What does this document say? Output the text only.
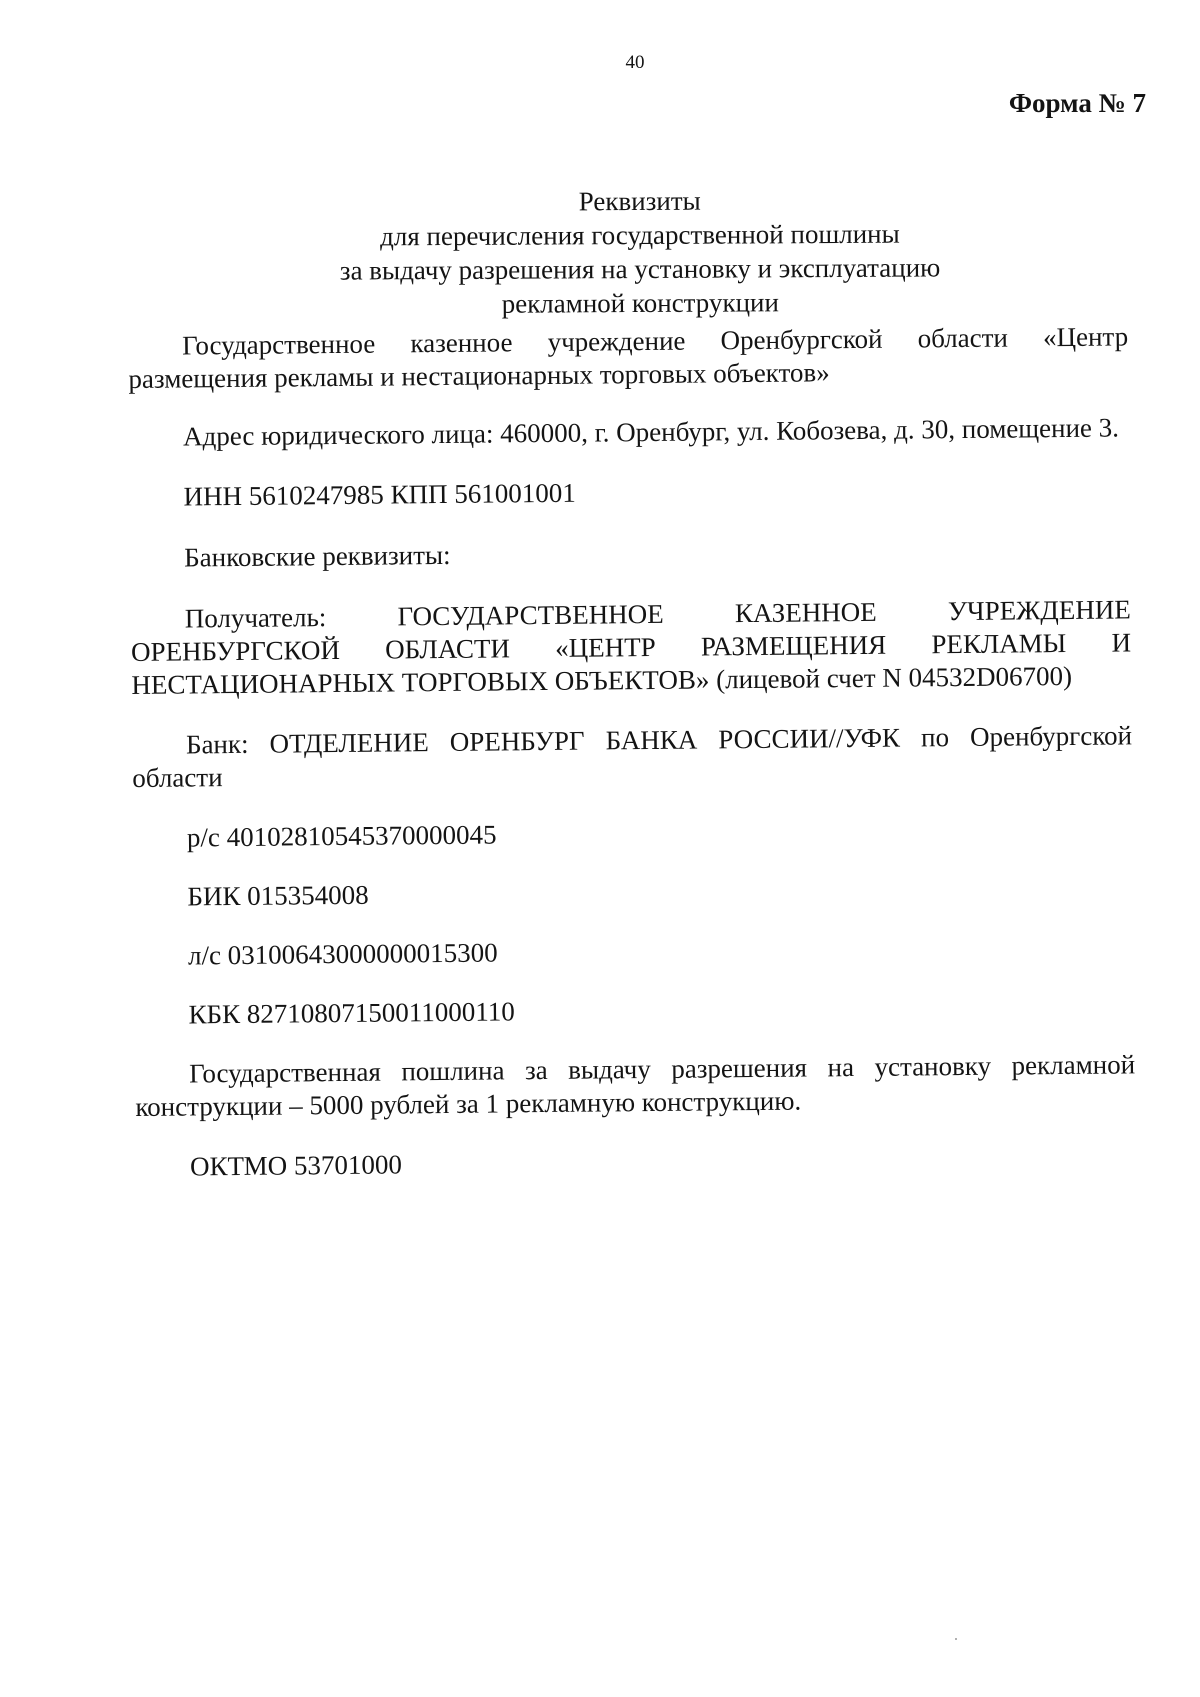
40
Форма № 7
Реквизиты
для перечисления государственной пошлины
за выдачу разрешения на установку и эксплуатацию
рекламной конструкции

Государственное казенное учреждение Оренбургской области «Центр размещения рекламы и нестационарных торговых объектов»

Адрес юридического лица: 460000, г. Оренбург, ул. Кобозева, д. 30, помещение 3.

ИНН 5610247985 КПП 561001001
Банковские реквизиты:

Получатель: ГОСУДАРСТВЕННОЕ КАЗЕННОЕ УЧРЕЖДЕНИЕ ОРЕНБУРГСКОЙ ОБЛАСТИ «ЦЕНТР РАЗМЕЩЕНИЯ РЕКЛАМЫ И НЕСТАЦИОНАРНЫХ ТОРГОВЫХ ОБЪЕКТОВ» (лицевой счет N 04532D06700)

Банк: ОТДЕЛЕНИЕ ОРЕНБУРГ БАНКА РОССИИ//УФК по Оренбургской области

р/с 40102810545370000045
БИК 015354008
л/с 03100643000000015300
КБК 82710807150011000110

Государственная пошлина за выдачу разрешения на установку рекламной конструкции – 5000 рублей за 1 рекламную конструкцию.

ОКТМО 53701000
